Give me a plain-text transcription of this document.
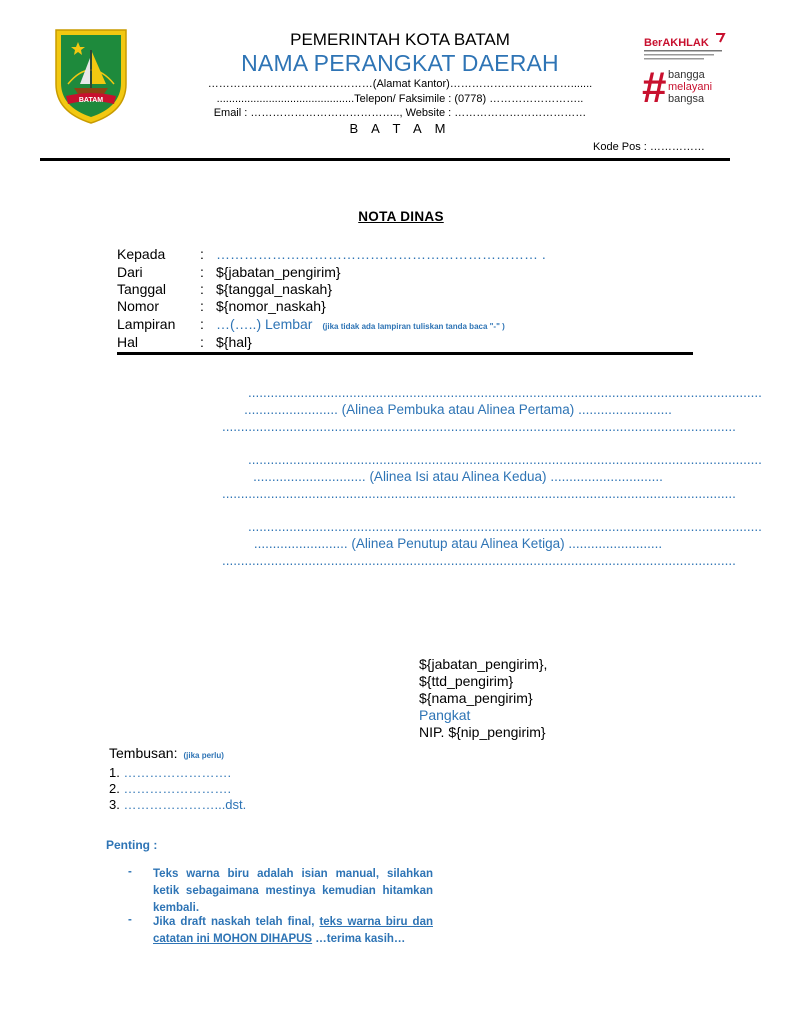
BATAM
PEMERINTAH KOTA BATAM
NAMA PERANGKAT DAERAH
………………………………………(Alamat Kantor)…………………………….......
.............................................Telepon/ Faksimile : (0778) ……………………..
Email : ………………………………….., Website : ………………………………
B A T A M
Kode Pos : ……………
BerAKHLAK
# bangga
melayani
bangsa
NOTA DINAS
Kepada : …………………………………………………………… .
Dari	: ${jabatan_pengirim}
Tanggal : ${tanggal_naskah}
Nomor	: ${nomor_naskah}
Lampiran : …(…..) Lembar (jika tidak ada lampiran tuliskan tanda baca "-" )
Hal	: ${hal}
.........................................................................................................................................
......................... (Alinea Pembuka atau Alinea Pertama) .........................
.........................................................................................................................................
.........................................................................................................................................
.............................. (Alinea Isi atau Alinea Kedua) ..............................
.........................................................................................................................................
.........................................................................................................................................
......................... (Alinea Penutup atau Alinea Ketiga) .........................
.........................................................................................................................................
${jabatan_pengirim},
${ttd_pengirim}
${nama_pengirim}
Pangkat
NIP. ${nip_pengirim}
Tembusan: (jika perlu)
1. …………………….
2. …………………….
3. …………………...dst.
Penting :
- Teks warna biru adalah isian manual, silahkan ketik sebagaimana mestinya kemudian hitamkan kembali.
- Jika draft naskah telah final, teks warna biru dan catatan ini MOHON DIHAPUS …terima kasih…
